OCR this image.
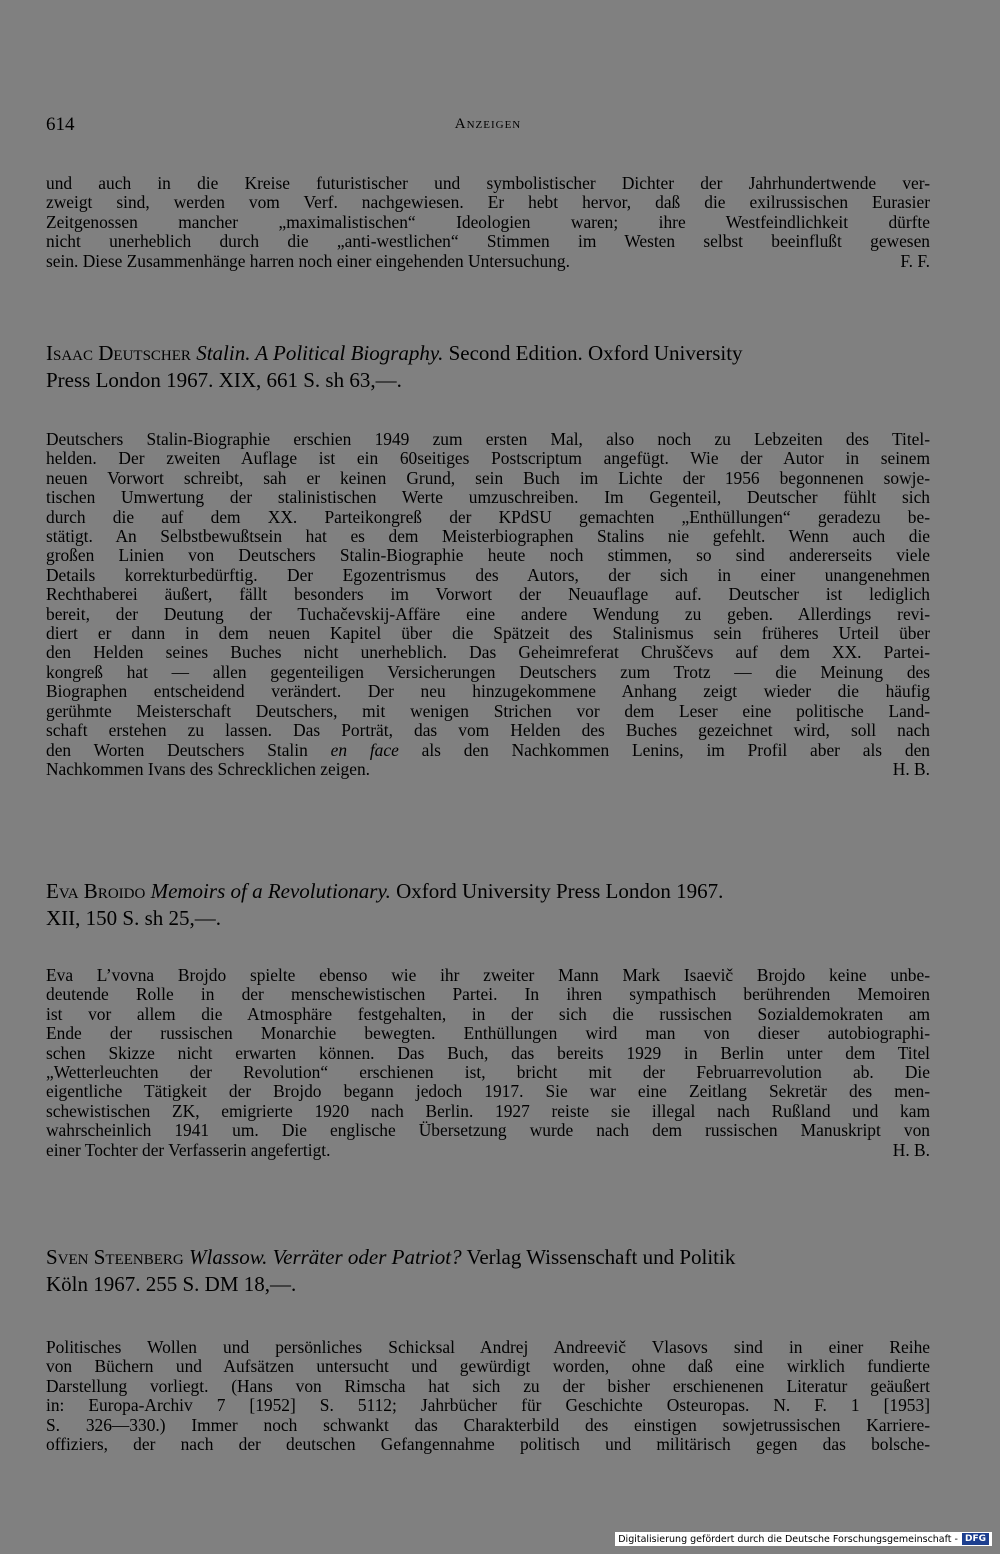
614	Anzeigen
und auch in die Kreise futuristischer und symbolistischer Dichter der Jahrhundertwende ver-
zweigt sind, werden vom Verf. nachgewiesen. Er hebt hervor, daß die exilrussischen Eurasier
Zeitgenossen mancher „maximalistischen“ Ideologien waren; ihre Westfeindlichkeit dürfte
nicht unerheblich durch die „anti-westlichen“ Stimmen im Westen selbst beeinflußt gewesen
sein. Diese Zusammenhänge harren noch einer eingehenden Untersuchung.	F. F.
Isaac Deutscher Stalin. A Political Biography. Second Edition. Oxford University
Press London 1967. XIX, 661 S. sh 63,—.
Deutschers Stalin-Biographie erschien 1949 zum ersten Mal, also noch zu Lebzeiten des Titel-
helden. Der zweiten Auflage ist ein 60seitiges Postscriptum angefügt. Wie der Autor in seinem
neuen Vorwort schreibt, sah er keinen Grund, sein Buch im Lichte der 1956 begonnenen sowje-
tischen Umwertung der stalinistischen Werte umzuschreiben. Im Gegenteil, Deutscher fühlt sich
durch die auf dem XX. Parteikongreß der KPdSU gemachten „Enthüllungen“ geradezu be-
stätigt. An Selbstbewußtsein hat es dem Meisterbiographen Stalins nie gefehlt. Wenn auch die
großen Linien von Deutschers Stalin-Biographie heute noch stimmen, so sind andererseits viele
Details korrekturbedürftig. Der Egozentrismus des Autors, der sich in einer unangenehmen
Rechthaberei äußert, fällt besonders im Vorwort der Neuauflage auf. Deutscher ist lediglich
bereit, der Deutung der Tuchačevskij-Affäre eine andere Wendung zu geben. Allerdings revi-
diert er dann in dem neuen Kapitel über die Spätzeit des Stalinismus sein früheres Urteil über
den Helden seines Buches nicht unerheblich. Das Geheimreferat Chruščevs auf dem XX. Partei-
kongreß hat — allen gegenteiligen Versicherungen Deutschers zum Trotz — die Meinung des
Biographen entscheidend verändert. Der neu hinzugekommene Anhang zeigt wieder die häufig
gerühmte Meisterschaft Deutschers, mit wenigen Strichen vor dem Leser eine politische Land-
schaft erstehen zu lassen. Das Porträt, das vom Helden des Buches gezeichnet wird, soll nach
den Worten Deutschers Stalin en face als den Nachkommen Lenins, im Profil aber als den
Nachkommen Ivans des Schrecklichen zeigen.	H. B.
Eva Broido Memoirs of a Revolutionary. Oxford University Press London 1967.
XII, 150 S. sh 25,—.
Eva L’vovna Brojdo spielte ebenso wie ihr zweiter Mann Mark Isaevič Brojdo keine unbe-
deutende Rolle in der menschewistischen Partei. In ihren sympathisch berührenden Memoiren
ist vor allem die Atmosphäre festgehalten, in der sich die russischen Sozialdemokraten am
Ende der russischen Monarchie bewegten. Enthüllungen wird man von dieser autobiographi-
schen Skizze nicht erwarten können. Das Buch, das bereits 1929 in Berlin unter dem Titel
„Wetterleuchten der Revolution“ erschienen ist, bricht mit der Februarrevolution ab. Die
eigentliche Tätigkeit der Brojdo begann jedoch 1917. Sie war eine Zeitlang Sekretär des men-
schewistischen ZK, emigrierte 1920 nach Berlin. 1927 reiste sie illegal nach Rußland und kam
wahrscheinlich 1941 um. Die englische Übersetzung wurde nach dem russischen Manuskript von
einer Tochter der Verfasserin angefertigt.	H. B.
Sven Steenberg Wlassow. Verräter oder Patriot? Verlag Wissenschaft und Politik
Köln 1967. 255 S. DM 18,—.
Politisches Wollen und persönliches Schicksal Andrej Andreevič Vlasovs sind in einer Reihe
von Büchern und Aufsätzen untersucht und gewürdigt worden, ohne daß eine wirklich fundierte
Darstellung vorliegt. (Hans von Rimscha hat sich zu der bisher erschienenen Literatur geäußert
in: Europa-Archiv 7 [1952] S. 5112; Jahrbücher für Geschichte Osteuropas. N. F. 1 [1953]
S. 326—330.) Immer noch schwankt das Charakterbild des einstigen sowjetrussischen Karriere-
offiziers, der nach der deutschen Gefangennahme politisch und militärisch gegen das bolsche-
Digitalisierung gefördert durch die Deutsche Forschungsgemeinschaft - DFG
